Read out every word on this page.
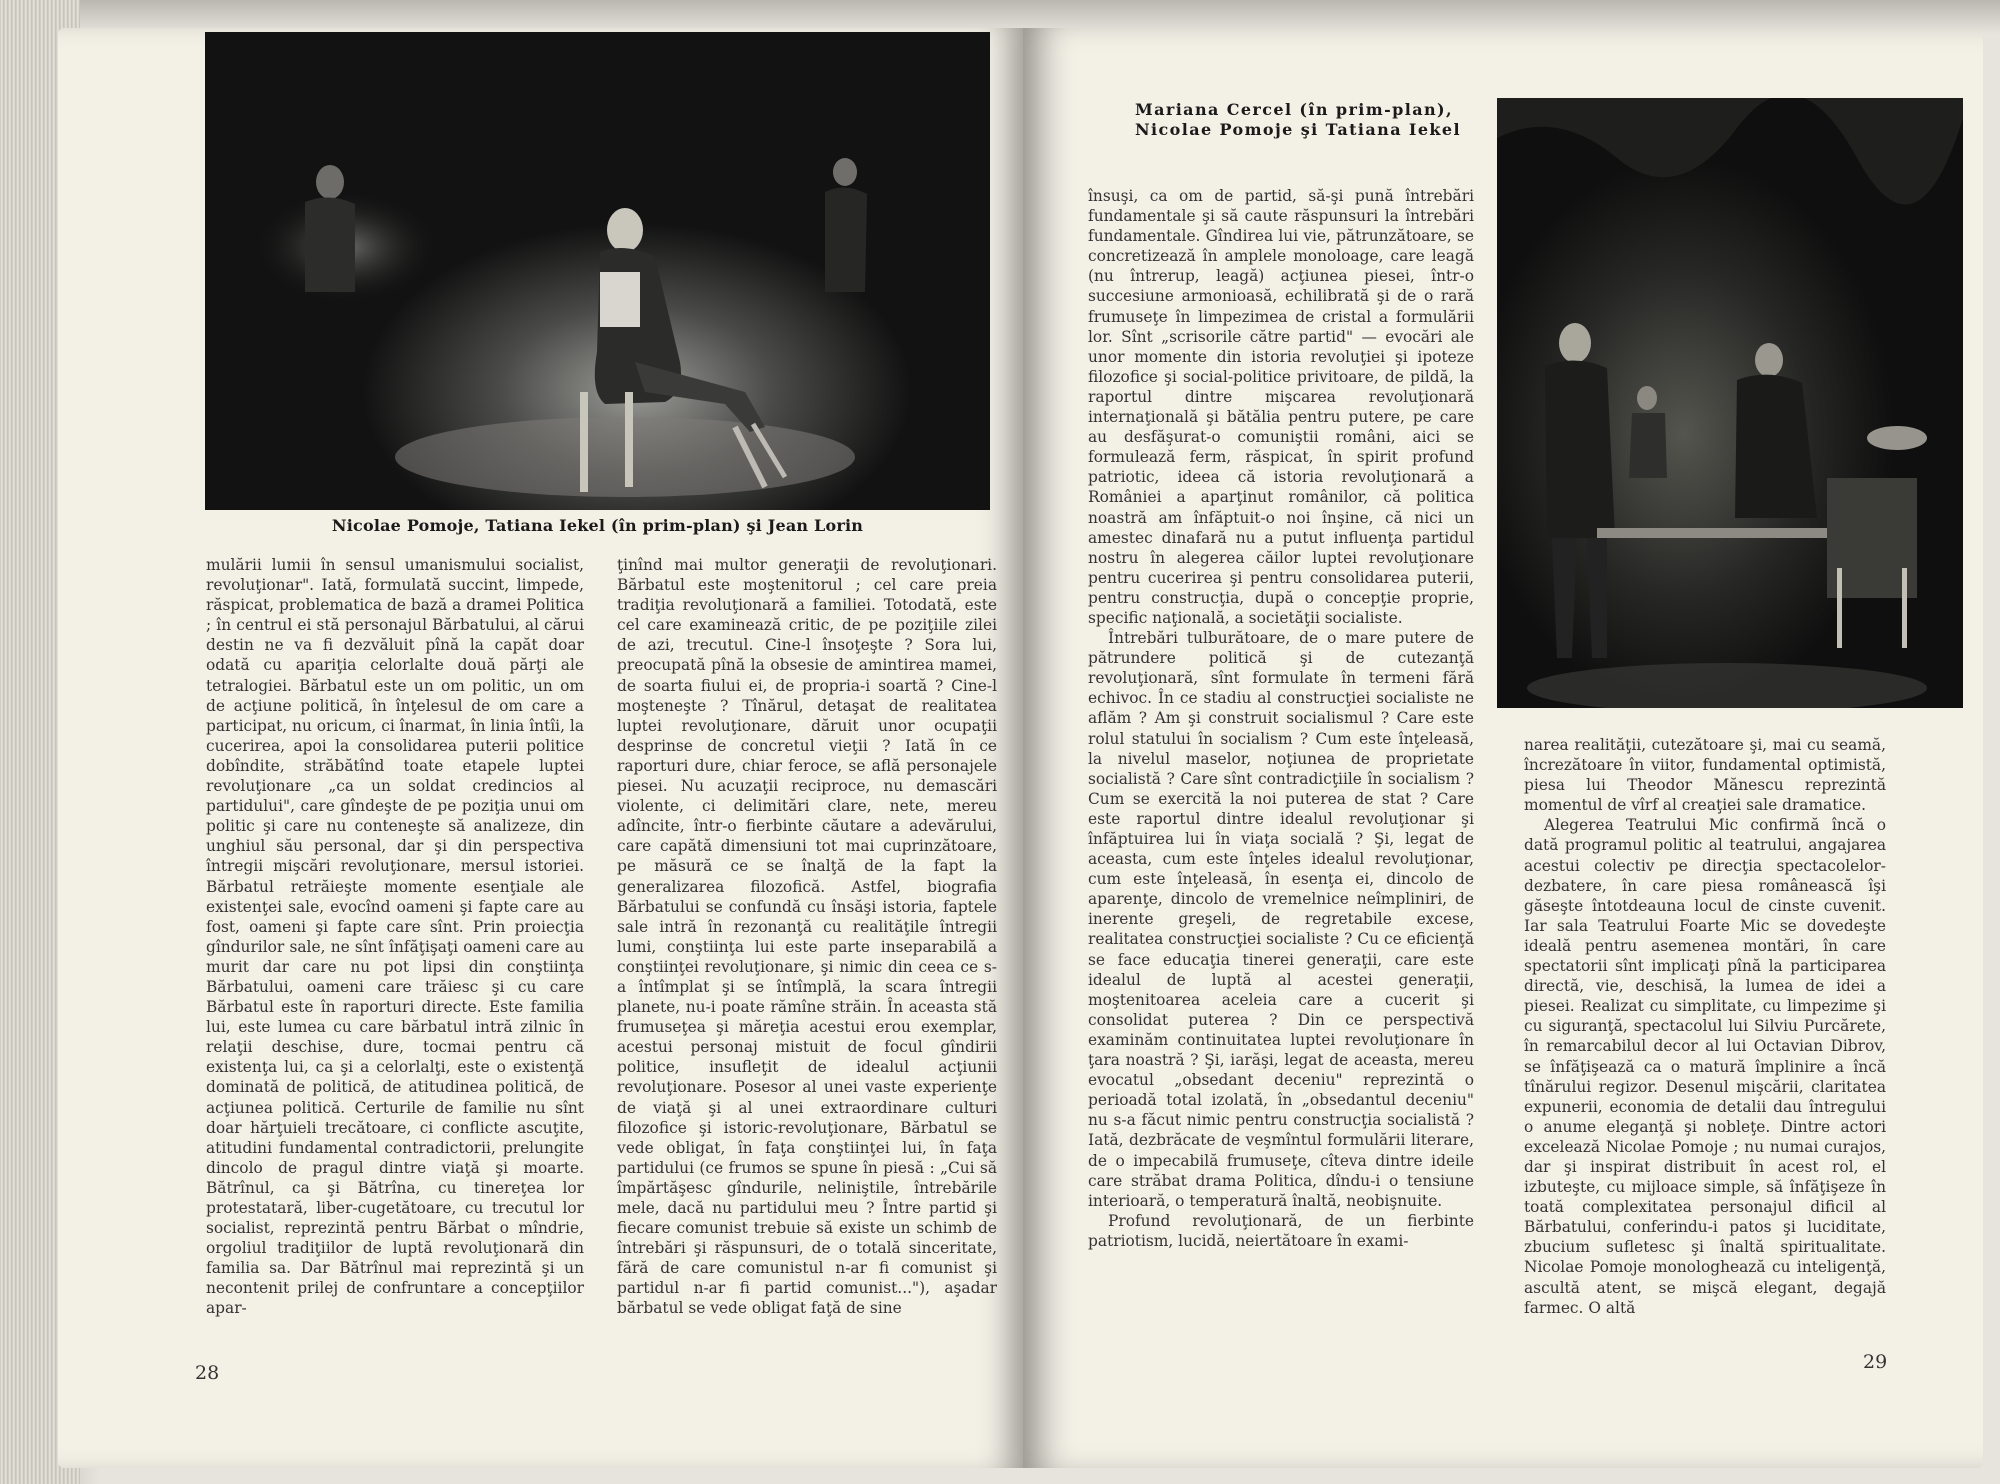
Nicolae Pomoje, Tatiana Iekel (în prim-plan) şi Jean Lorin

mulării lumii în sensul umanismului socialist, revoluţionar". Iată, formulată succint, limpede, răspicat, problematica de bază a dramei Politica ; în centrul ei stă personajul Bărbatului, al cărui destin ne va fi dezvăluit pînă la capăt doar odată cu apariţia celorlalte două părţi ale tetralogiei. Bărbatul este un om politic, un om de acţiune politică, în înţelesul de om care a participat, nu oricum, ci înarmat, în linia întîi, la cucerirea, apoi la consolidarea puterii politice dobîndite, străbătînd toate etapele luptei revoluţionare „ca un soldat credincios al partidului", care gîndeşte de pe poziţia unui om politic şi care nu conteneşte să analizeze, din unghiul său personal, dar şi din perspectiva întregii mişcări revoluţionare, mersul istoriei. Bărbatul retrăieşte momente esenţiale ale existenţei sale, evocînd oameni şi fapte care au fost, oameni şi fapte care sînt. Prin proiecţia gîndurilor sale, ne sînt înfăţişaţi oameni care au murit dar care nu pot lipsi din conştiinţa Bărbatului, oameni care trăiesc şi cu care Bărbatul este în raporturi directe. Este familia lui, este lumea cu care bărbatul intră zilnic în relaţii deschise, dure, tocmai pentru că existenţa lui, ca şi a celorlalţi, este o existenţă dominată de politică, de atitudinea politică, de acţiunea politică. Certurile de familie nu sînt doar hărţuieli trecătoare, ci conflicte ascuţite, atitudini fundamental contradictorii, prelungite dincolo de pragul dintre viaţă şi moarte. Bătrînul, ca şi Bătrîna, cu tinereţea lor protestatară, liber-cugetătoare, cu trecutul lor socialist, reprezintă pentru Bărbat o mîndrie, orgoliul tradiţiilor de luptă revoluţionară din familia sa. Dar Bătrînul mai reprezintă şi un necontenit prilej de confruntare a concepţiilor apar-

ţinînd mai multor generaţii de revoluţionari. Bărbatul este moştenitorul ; cel care preia tradiţia revoluţionară a familiei. Totodată, este cel care examinează critic, de pe poziţiile zilei de azi, trecutul. Cine-l însoţeşte ? Sora lui, preocupată pînă la obsesie de amintirea mamei, de soarta fiului ei, de propria-i soartă ? Cine-l moşteneşte ? Tînărul, detaşat de realitatea luptei revoluţionare, dăruit unor ocupaţii desprinse de concretul vieţii ? Iată în ce raporturi dure, chiar feroce, se află personajele piesei. Nu acuzaţii reciproce, nu demascări violente, ci delimitări clare, nete, mereu adîncite, într-o fierbinte căutare a adevărului, care capătă dimensiuni tot mai cuprinzătoare, pe măsură ce se înalţă de la fapt la generalizarea filozofică. Astfel, biografia Bărbatului se confundă cu însăşi istoria, faptele sale intră în rezonanţă cu realităţile întregii lumi, conştiinţa lui este parte inseparabilă a conştiinţei revoluţionare, şi nimic din ceea ce s-a întîmplat şi se întîmplă, la scara întregii planete, nu-i poate rămîne străin. În aceasta stă frumuseţea şi măreţia acestui erou exemplar, acestui personaj mistuit de focul gîndirii politice, insufleţit de idealul acţiunii revoluţionare. Posesor al unei vaste experienţe de viaţă şi al unei extraordinare culturi filozofice şi istoric-revoluţionare, Bărbatul se vede obligat, în faţa conştiinţei lui, în faţa partidului (ce frumos se spune în piesă : „Cui să împărtăşesc gîndurile, neliniştile, întrebările mele, dacă nu partidului meu ? Între partid şi fiecare comunist trebuie să existe un schimb de întrebări şi răspunsuri, de o totală sinceritate, fără de care comunistul n-ar fi comunist şi partidul n-ar fi partid comunist..."), aşadar bărbatul se vede obligat faţă de sine

28
Mariana Cercel (în prim-plan),
Nicolae Pomoje şi Tatiana Iekel

însuşi, ca om de partid, să-şi pună întrebări fundamentale şi să caute răspunsuri la întrebări fundamentale. Gîndirea lui vie, pătrunzătoare, se concretizează în amplele monoloage, care leagă (nu întrerup, leagă) acţiunea piesei, într-o succesiune armonioasă, echilibrată şi de o rară frumuseţe în limpezimea de cristal a formulării lor. Sînt „scrisorile către partid" — evocări ale unor momente din istoria revoluţiei şi ipoteze filozofice şi social-politice privitoare, de pildă, la raportul dintre mişcarea revoluţionară internaţională şi bătălia pentru putere, pe care au desfăşurat-o comuniştii români, aici se formulează ferm, răspicat, în spirit profund patriotic, ideea că istoria revoluţionară a României a aparţinut românilor, că politica noastră am înfăptuit-o noi înşine, că nici un amestec dinafară nu a putut influenţa partidul nostru în alegerea căilor luptei revoluţionare pentru cucerirea şi pentru consolidarea puterii, pentru construcţia, după o concepţie proprie, specific naţională, a societăţii socialiste.

Întrebări tulburătoare, de o mare putere de pătrundere politică şi de cutezanţă revoluţionară, sînt formulate în termeni fără echivoc. În ce stadiu al construcţiei socialiste ne aflăm ? Am şi construit socialismul ? Care este rolul statului în socialism ? Cum este înţeleasă, la nivelul maselor, noţiunea de proprietate socialistă ? Care sînt contradicţiile în socialism ? Cum se exercită la noi puterea de stat ? Care este raportul dintre idealul revoluţionar şi înfăptuirea lui în viaţa socială ? Şi, legat de aceasta, cum este înţeles idealul revoluţionar, cum este înţeleasă, în esenţa ei, dincolo de aparenţe, dincolo de vremelnice neîmpliniri, de inerente greşeli, de regretabile excese, realitatea construcţiei socialiste ? Cu ce eficienţă se face educaţia tinerei generaţii, care este idealul de luptă al acestei generaţii, moştenitoarea aceleia care a cucerit şi consolidat puterea ? Din ce perspectivă examinăm continuitatea luptei revoluţionare în ţara noastră ? Şi, iarăşi, legat de aceasta, mereu evocatul „obsedant deceniu" reprezintă o perioadă total izolată, în „obsedantul deceniu" nu s-a făcut nimic pentru construcţia socialistă ? Iată, dezbrăcate de veşmîntul formulării literare, de o impecabilă frumuseţe, cîteva dintre ideile care străbat drama Politica, dîndu-i o tensiune interioară, o temperatură înaltă, neobişnuite.

Profund revoluţionară, de un fierbinte patriotism, lucidă, neiertătoare în exami-

narea realităţii, cutezătoare şi, mai cu seamă, încrezătoare în viitor, fundamental optimistă, piesa lui Theodor Mănescu reprezintă momentul de vîrf al creaţiei sale dramatice.

Alegerea Teatrului Mic confirmă încă o dată programul politic al teatrului, angajarea acestui colectiv pe direcţia spectacolelor-dezbatere, în care piesa românească îşi găseşte întotdeauna locul de cinste cuvenit. Iar sala Teatrului Foarte Mic se dovedeşte ideală pentru asemenea montări, în care spectatorii sînt implicaţi pînă la participarea directă, vie, deschisă, la lumea de idei a piesei. Realizat cu simplitate, cu limpezime şi cu siguranţă, spectacolul lui Silviu Purcărete, în remarcabilul decor al lui Octavian Dibrov, se înfăţişează ca o matură împlinire a încă tînărului regizor. Desenul mişcării, claritatea expunerii, economia de detalii dau întregului o anume eleganţă şi nobleţe. Dintre actori excelează Nicolae Pomoje ; nu numai curajos, dar şi inspirat distribuit în acest rol, el izbuteşte, cu mijloace simple, să înfăţişeze în toată complexitatea personajul dificil al Bărbatului, conferindu-i patos şi luciditate, zbucium sufletesc şi înaltă spiritualitate. Nicolae Pomoje monologhează cu inteligenţă, ascultă atent, se mişcă elegant, degajă farmec. O altă

29
